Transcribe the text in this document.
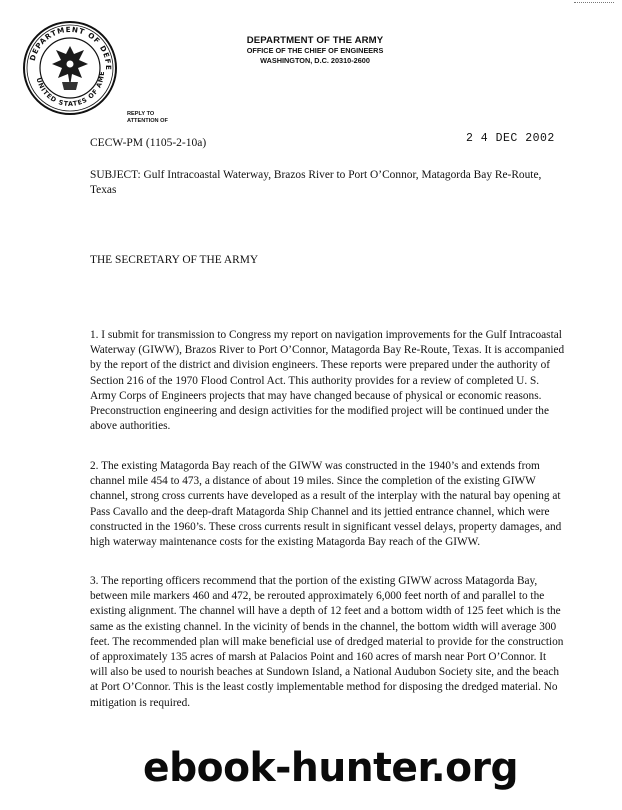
DEPARTMENT OF DEFE
UNITED STATES OF AME
DEPARTMENT OF THE ARMY
OFFICE OF THE CHIEF OF ENGINEERS
WASHINGTON, D.C. 20310-2600
REPLY TO
ATTENTION OF
CECW-PM (1105-2-10a)	2 4 DEC 2002
SUBJECT: Gulf Intracoastal Waterway, Brazos River to Port O’Connor, Matagorda Bay Re-Route, Texas
THE SECRETARY OF THE ARMY

1. I submit for transmission to Congress my report on navigation improvements for the Gulf Intracoastal Waterway (GIWW), Brazos River to Port O’Connor, Matagorda Bay Re-Route, Texas. It is accompanied by the report of the district and division engineers. These reports were prepared under the authority of Section 216 of the 1970 Flood Control Act. This authority provides for a review of completed U. S. Army Corps of Engineers projects that may have changed because of physical or economic reasons. Preconstruction engineering and design activities for the modified project will be continued under the above authorities.

2. The existing Matagorda Bay reach of the GIWW was constructed in the 1940’s and extends from channel mile 454 to 473, a distance of about 19 miles. Since the completion of the existing GIWW channel, strong cross currents have developed as a result of the interplay with the natural bay opening at Pass Cavallo and the deep-draft Matagorda Ship Channel and its jettied entrance channel, which were constructed in the 1960’s. These cross currents result in significant vessel delays, property damages, and high waterway maintenance costs for the existing Matagorda Bay reach of the GIWW.

3. The reporting officers recommend that the portion of the existing GIWW across Matagorda Bay, between mile markers 460 and 472, be rerouted approximately 6,000 feet north of and parallel to the existing alignment. The channel will have a depth of 12 feet and a bottom width of 125 feet which is the same as the existing channel. In the vicinity of bends in the channel, the bottom width will average 300 feet. The recommended plan will make beneficial use of dredged material to provide for the construction of approximately 135 acres of marsh at Palacios Point and 160 acres of marsh near Port O’Connor. It will also be used to nourish beaches at Sundown Island, a National Audubon Society site, and the beach at Port O’Connor. This is the least costly implementable method for disposing the dredged material. No mitigation is required.

ebook-hunter.org
